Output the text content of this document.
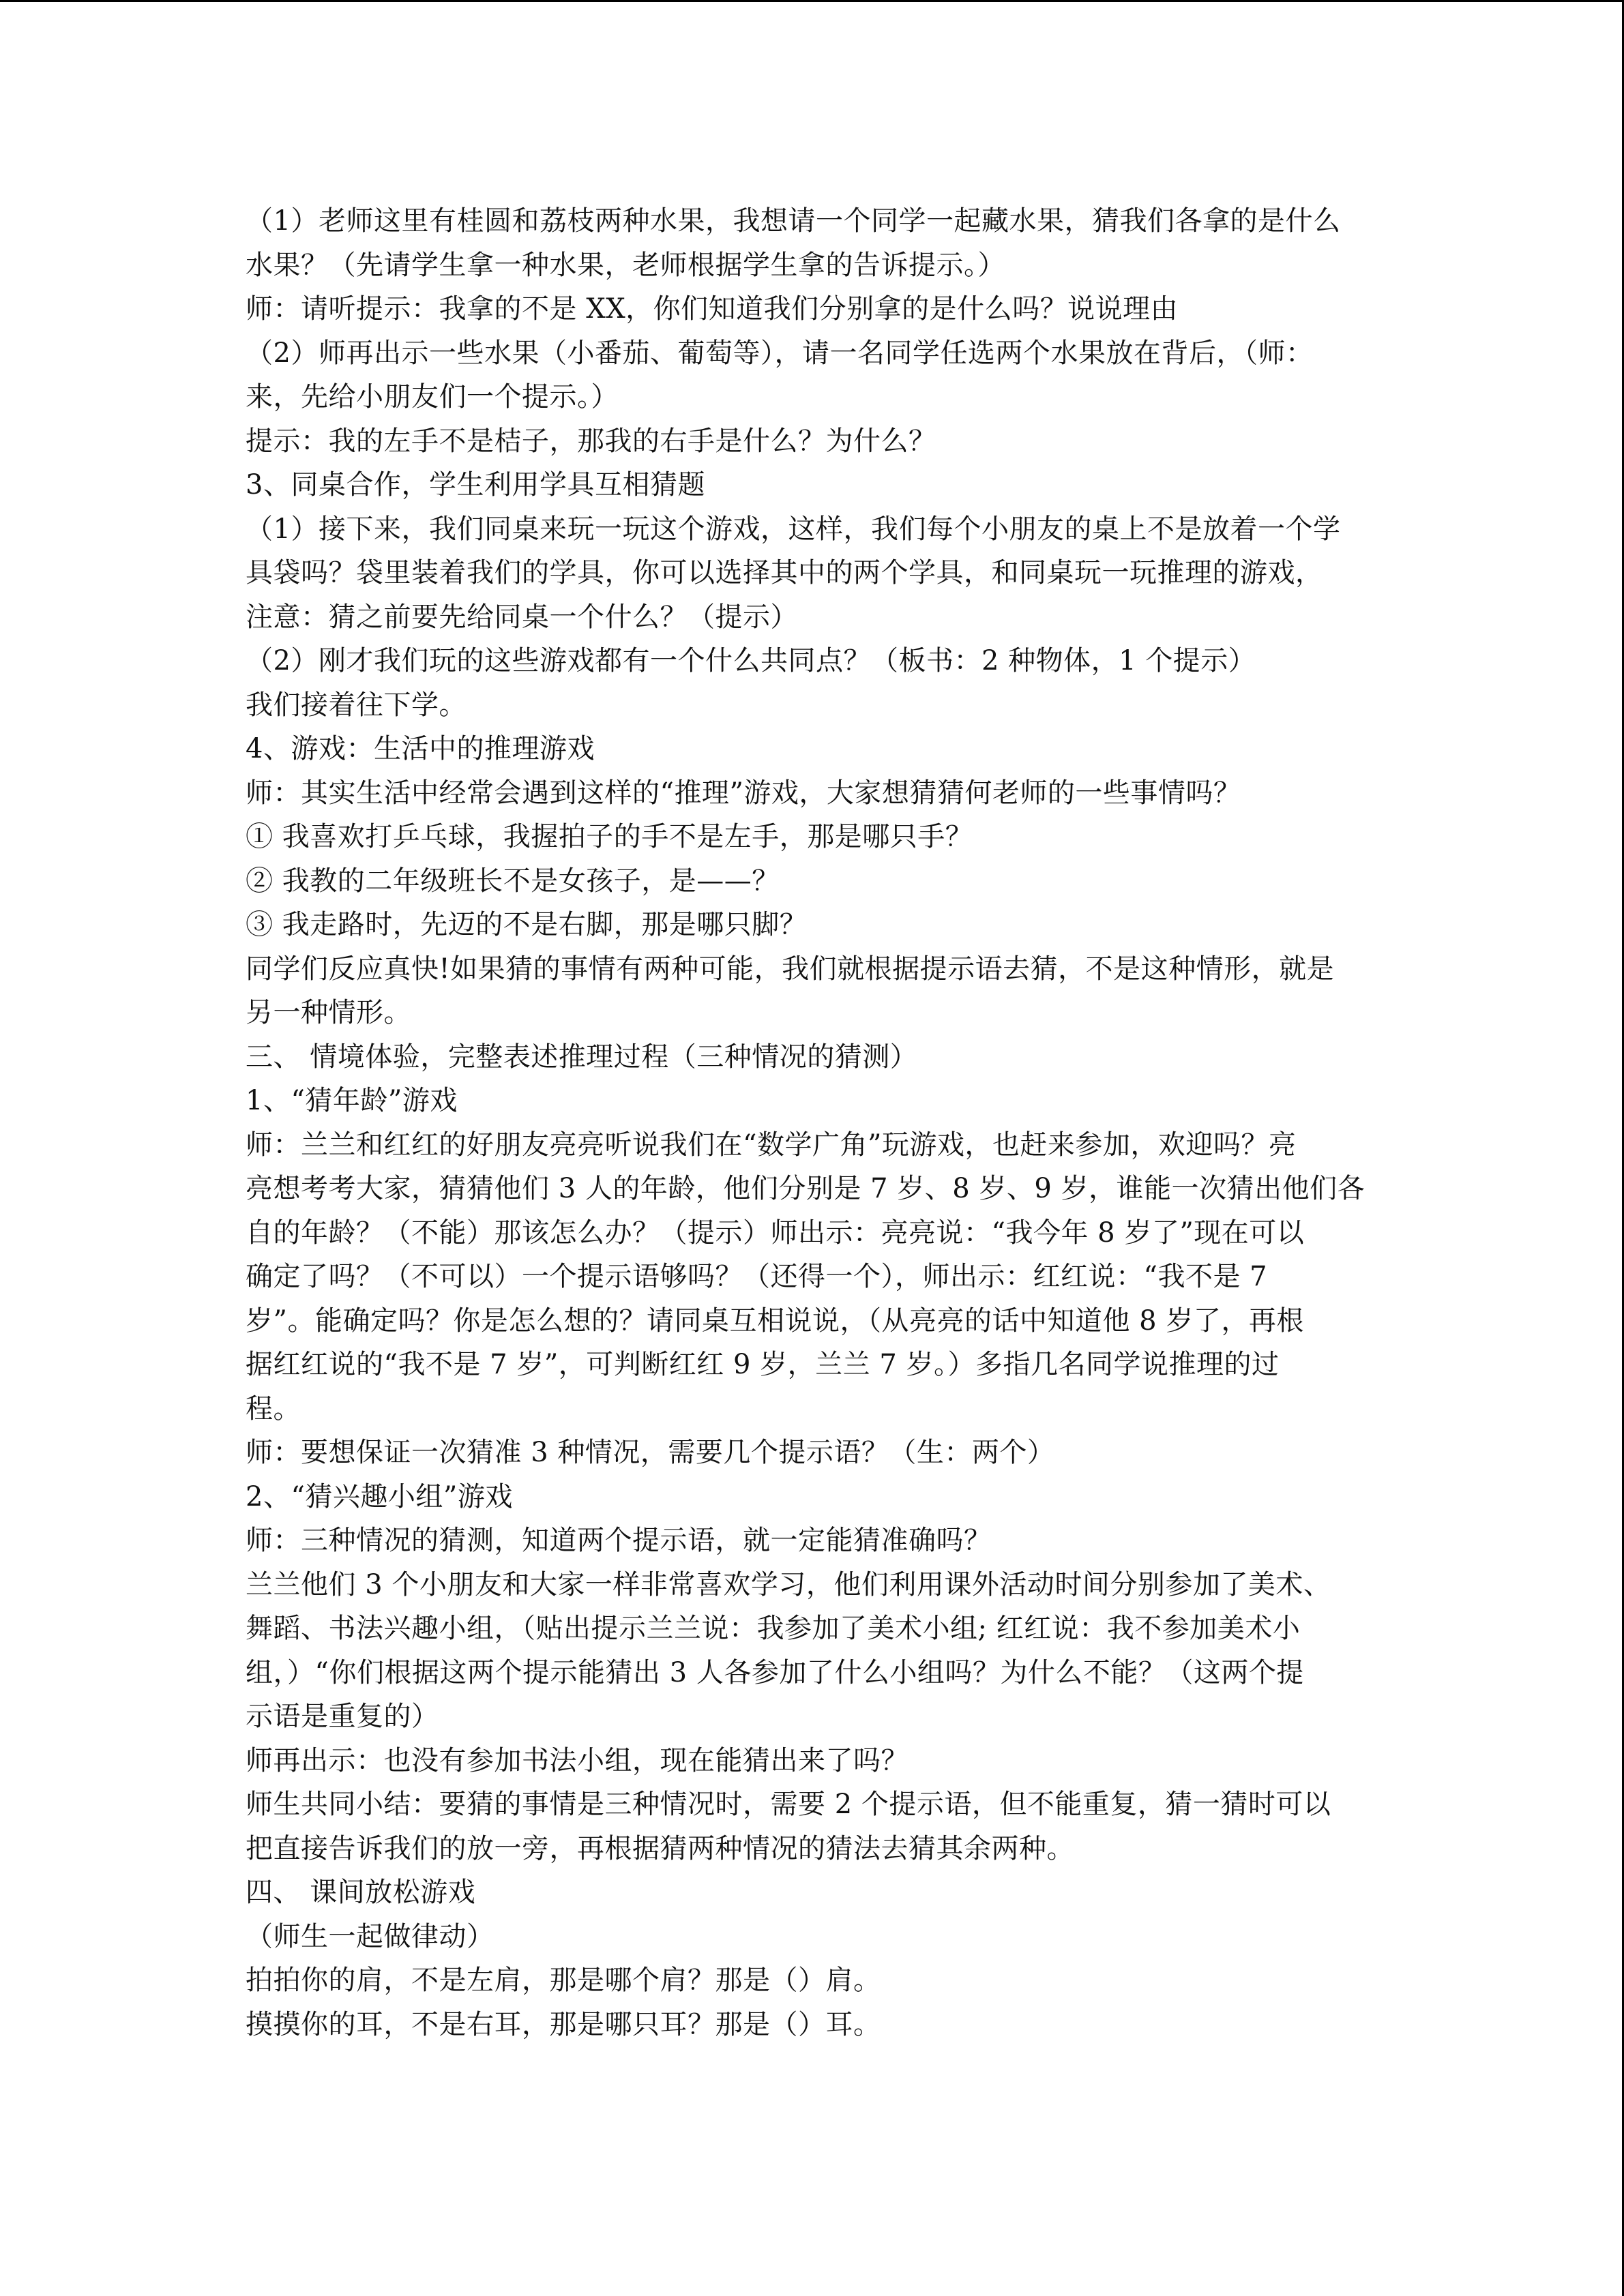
（1）老师这里有桂圆和荔枝两种水果，我想请一个同学一起藏水果，猜我们各拿的是什么
水果？（先请学生拿一种水果，老师根据学生拿的告诉提示。）
师：请听提示：我拿的不是 XX，你们知道我们分别拿的是什么吗？说说理由
（2）师再出示一些水果（小番茄、葡萄等），请一名同学任选两个水果放在背后，（师：
来，先给小朋友们一个提示。）
提示：我的左手不是桔子，那我的右手是什么？为什么？
3、同桌合作，学生利用学具互相猜题
（1）接下来，我们同桌来玩一玩这个游戏，这样，我们每个小朋友的桌上不是放着一个学
具袋吗？袋里装着我们的学具，你可以选择其中的两个学具，和同桌玩一玩推理的游戏，
注意：猜之前要先给同桌一个什么？（提示）
（2）刚才我们玩的这些游戏都有一个什么共同点？（板书：2 种物体，1 个提示）
我们接着往下学。
4、游戏：生活中的推理游戏
师：其实生活中经常会遇到这样的“推理”游戏，大家想猜猜何老师的一些事情吗？
① 我喜欢打乒乓球，我握拍子的手不是左手，那是哪只手？
② 我教的二年级班长不是女孩子，是——？
③ 我走路时，先迈的不是右脚，那是哪只脚？
同学们反应真快!如果猜的事情有两种可能，我们就根据提示语去猜，不是这种情形，就是
另一种情形。
三、 情境体验，完整表述推理过程（三种情况的猜测）
1、“猜年龄”游戏
师：兰兰和红红的好朋友亮亮听说我们在“数学广角”玩游戏，也赶来参加，欢迎吗？亮
亮想考考大家，猜猜他们 3 人的年龄，他们分别是 7 岁、8 岁、9 岁，谁能一次猜出他们各
自的年龄？（不能）那该怎么办？（提示）师出示：亮亮说：“我今年 8 岁了”现在可以
确定了吗？（不可以）一个提示语够吗？（还得一个），师出示：红红说：“我不是 7
岁”。能确定吗？你是怎么想的？请同桌互相说说，（从亮亮的话中知道他 8 岁了，再根
据红红说的“我不是 7 岁”，可判断红红 9 岁，兰兰 7 岁。）多指几名同学说推理的过
程。
师：要想保证一次猜准 3 种情况，需要几个提示语？（生：两个）
2、“猜兴趣小组”游戏
师：三种情况的猜测，知道两个提示语，就一定能猜准确吗？
兰兰他们 3 个小朋友和大家一样非常喜欢学习，他们利用课外活动时间分别参加了美术、
舞蹈、书法兴趣小组，（贴出提示兰兰说：我参加了美术小组; 红红说：我不参加美术小
组，）“你们根据这两个提示能猜出 3 人各参加了什么小组吗？为什么不能？（这两个提
示语是重复的）
师再出示：也没有参加书法小组，现在能猜出来了吗？
师生共同小结：要猜的事情是三种情况时，需要 2 个提示语，但不能重复，猜一猜时可以
把直接告诉我们的放一旁，再根据猜两种情况的猜法去猜其余两种。
四、 课间放松游戏
（师生一起做律动）
拍拍你的肩，不是左肩，那是哪个肩？那是（）肩。
摸摸你的耳，不是右耳，那是哪只耳？那是（）耳。
